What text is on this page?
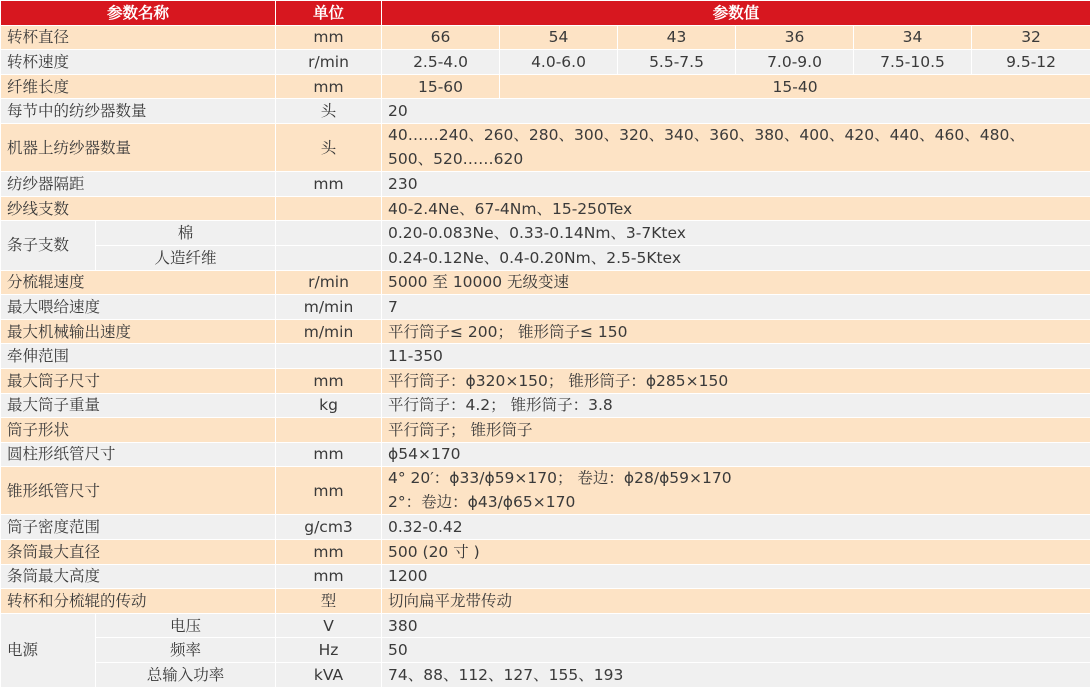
参数名称		单位	参数值					
转杯直径		mm	66	54	43	36	34	32
转杯速度		r/min	2.5-4.0	4.0-6.0	5.5-7.5	7.0-9.0	7.5-10.5	9.5-12
纤维长度		mm	15-60	15-40				
每节中的纺纱器数量		头	20					
机器上纺纱器数量		头	40……240、260、280、300、320、340、360、380、400、420、440、460、480、
500、520……620					

纺纱器隔距		mm	230					
纱线支数			40-2.4Ne、67-4Nm、15-250Tex					
条子支数	棉		0.20-0.083Ne、0.33-0.14Nm、3-7Ktex					
	人造纤维		0.24-0.12Ne、0.4-0.20Nm、2.5-5Ktex					
分梳辊速度		r/min	5000 至 10000 无级变速					
最大喂给速度		m/min	7					
最大机械输出速度		m/min	平行筒子≤ 200； 锥形筒子≤ 150					
牵伸范围			11-350					
最大筒子尺寸		mm	平行筒子：ϕ320×150； 锥形筒子：ϕ285×150					
最大筒子重量		kg	平行筒子：4.2； 锥形筒子：3.8					
筒子形状			平行筒子； 锥形筒子					
圆柱形纸管尺寸		mm	ϕ54×170					
锥形纸管尺寸		mm	4° 20′：ϕ33/ϕ59×170； 卷边：ϕ28/ϕ59×170
2°：卷边：ϕ43/ϕ65×170					

筒子密度范围		g/cm3	0.32-0.42					
条筒最大直径		mm	500 (20 寸 )					
条筒最大高度		mm	1200					
转杯和分梳辊的传动		型	切向扁平龙带传动					
电源	电压	V	380					
	频率	Hz	50					
	总输入功率	kVA	74、88、112、127、155、193					
